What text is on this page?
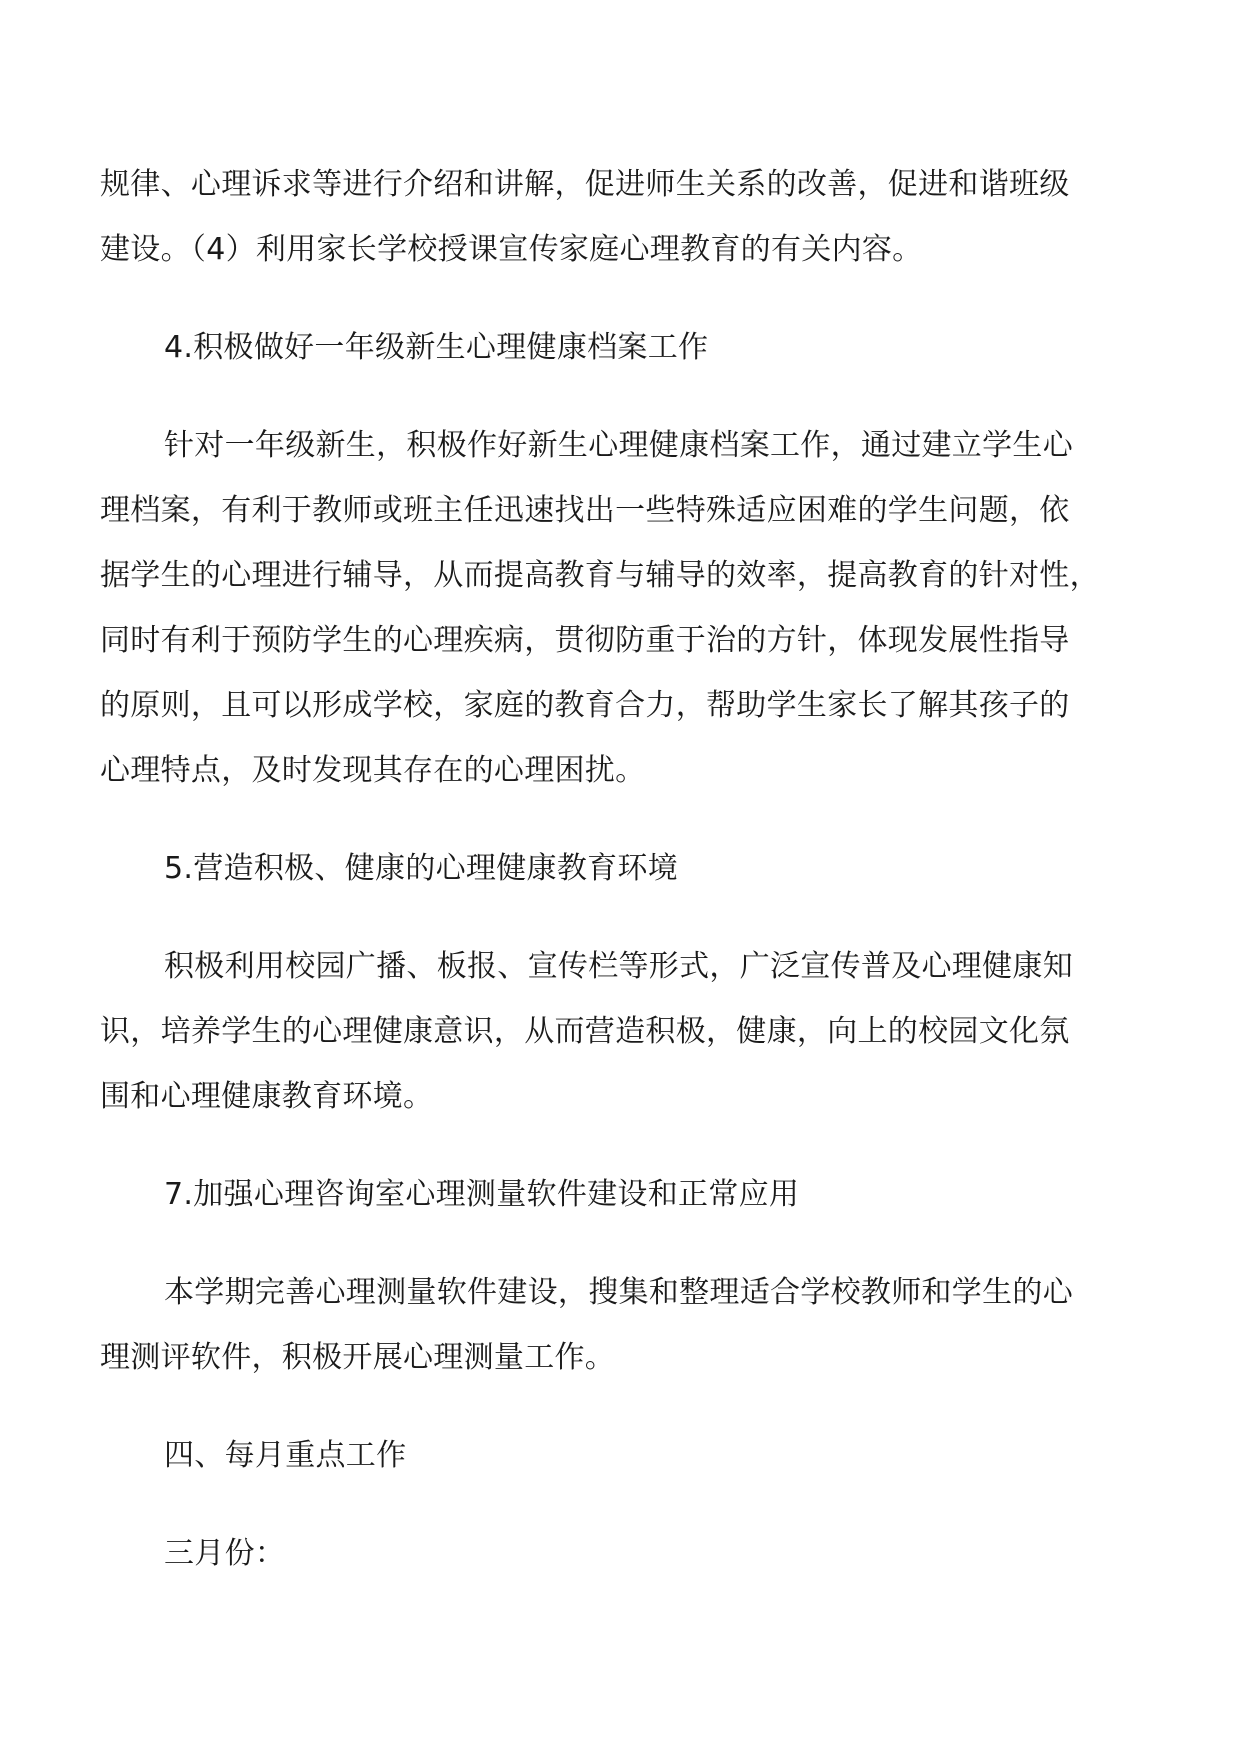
规律、心理诉求等进行介绍和讲解，促进师生关系的改善，促进和谐班级
建设。（4）利用家长学校授课宣传家庭心理教育的有关内容。
4.积极做好一年级新生心理健康档案工作
针对一年级新生，积极作好新生心理健康档案工作，通过建立学生心
理档案，有利于教师或班主任迅速找出一些特殊适应困难的学生问题，依
据学生的心理进行辅导，从而提高教育与辅导的效率，提高教育的针对性，
同时有利于预防学生的心理疾病，贯彻防重于治的方针，体现发展性指导
的原则，且可以形成学校，家庭的教育合力，帮助学生家长了解其孩子的
心理特点，及时发现其存在的心理困扰。
5.营造积极、健康的心理健康教育环境
积极利用校园广播、板报、宣传栏等形式，广泛宣传普及心理健康知
识，培养学生的心理健康意识，从而营造积极，健康，向上的校园文化氛
围和心理健康教育环境。
7.加强心理咨询室心理测量软件建设和正常应用
本学期完善心理测量软件建设，搜集和整理适合学校教师和学生的心
理测评软件，积极开展心理测量工作。
四、每月重点工作
三月份：
